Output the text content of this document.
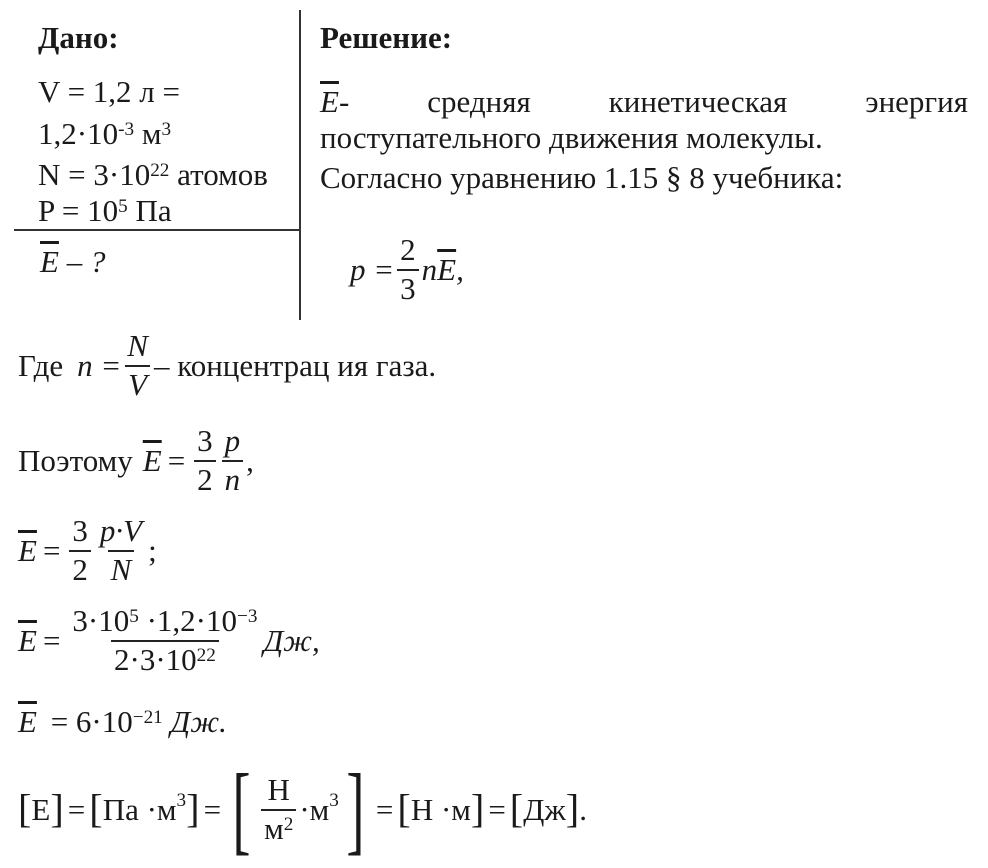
Дано:
V = 1,2 л =
$1,2\cdot 10^{-3}$ $м^3$
$N = 3\cdot 10^{22}$ атомов
$P = 10^5$ Па
$\overline{E}$ – ?
Решение:
$\overline{E}-$	средняя	кинетическая	энергия
поступательного движения молекулы.
Согласно уравнению 1.15 § 8 учебника:
$p = \frac{2}{3}$ n $\overline{E}$ ,
Где $n = \frac{N}{V}$ – концентрац ия газа.
Поэтому $\overline{E} = \frac{3}{2} \frac{p}{n}$ ,
$\overline{E} = \frac{3}{2} \frac{p\cdot V}{N}$ ;
$\overline{E} = \frac{3\cdot 10^5 \cdot 1,2\cdot 10^{-3}}{2\cdot 3\cdot 10^{22}}$ Дж,
$\overline{E} = 6\cdot 10^{-21}$ Дж.
[ Е ] = [ Па ·м 3 ] = [ $\frac{Н}{м^2} \cdot м$ 3 ] = [ Н ·м ] = [ Дж ] .
